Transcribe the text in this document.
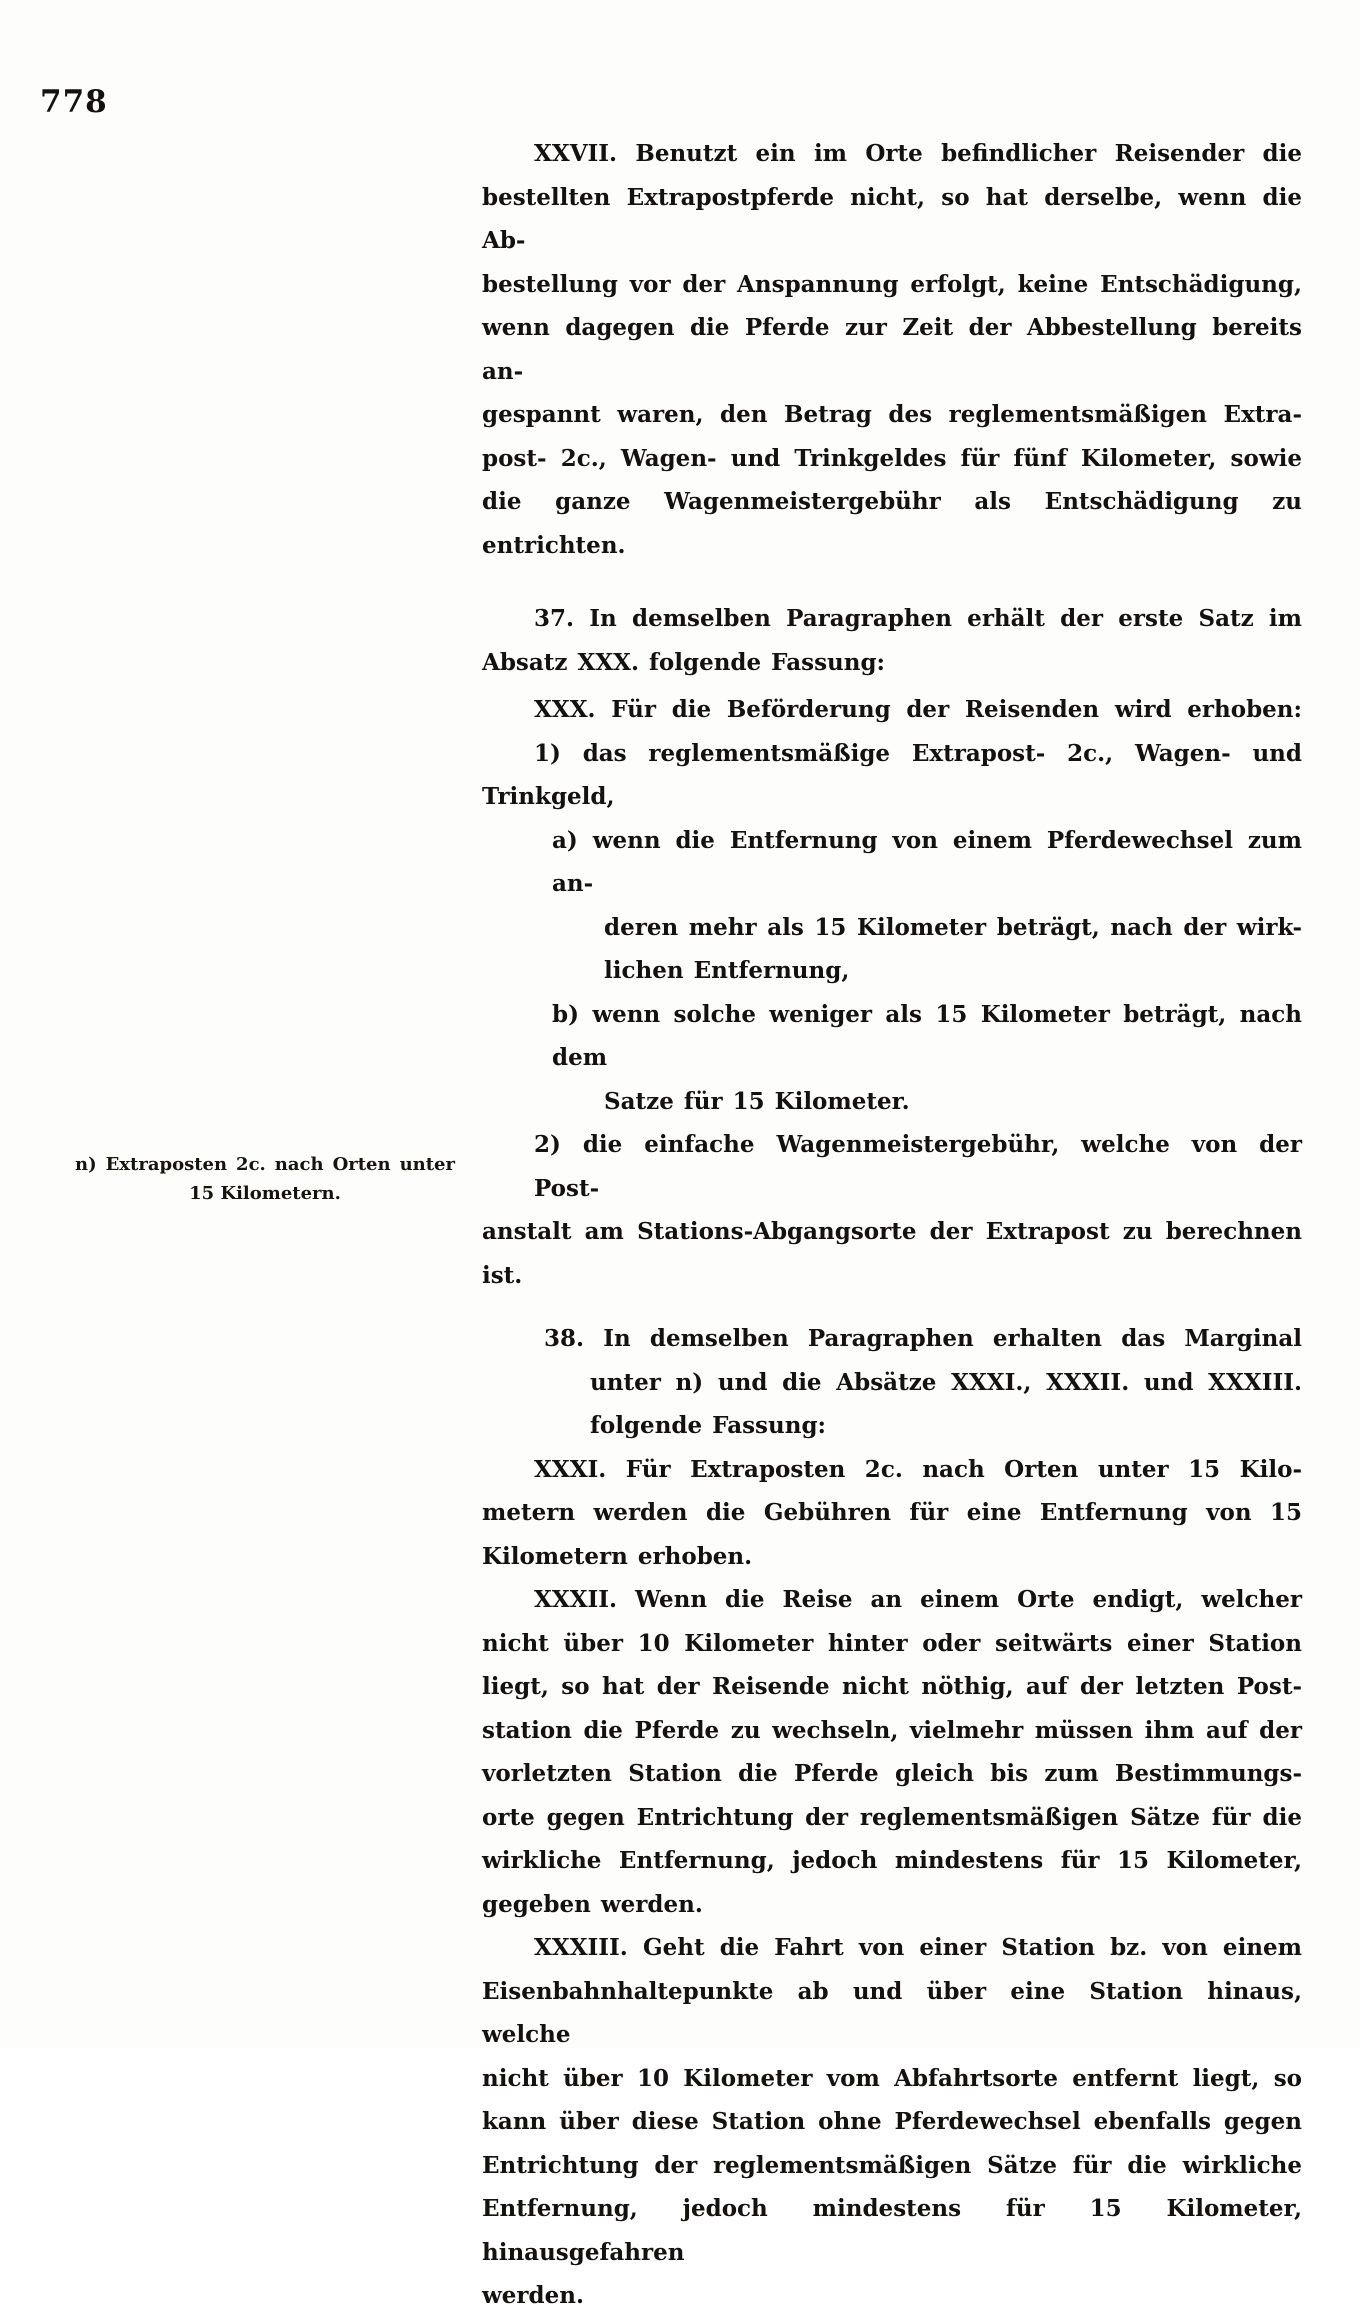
778
n) Extraposten 2c. nach Orten unter
15 Kilometern.
XXVII. Benutzt ein im Orte befindlicher Reisender die
bestellten Extrapostpferde nicht, so hat derselbe, wenn die Ab-
bestellung vor der Anspannung erfolgt, keine Entschädigung,
wenn dagegen die Pferde zur Zeit der Abbestellung bereits an-
gespannt waren, den Betrag des reglementsmäßigen Extra-
post- 2c., Wagen- und Trinkgeldes für fünf Kilometer, sowie
die ganze Wagenmeistergebühr als Entschädigung zu entrichten.
37. In demselben Paragraphen erhält der erste Satz im
Absatz XXX. folgende Fassung:
XXX. Für die Beförderung der Reisenden wird erhoben:
1) das reglementsmäßige Extrapost- 2c., Wagen- und
Trinkgeld,
a) wenn die Entfernung von einem Pferdewechsel zum an-
deren mehr als 15 Kilometer beträgt, nach der wirk-
lichen Entfernung,
b) wenn solche weniger als 15 Kilometer beträgt, nach dem
Satze für 15 Kilometer.
2) die einfache Wagenmeistergebühr, welche von der Post-
anstalt am Stations-Abgangsorte der Extrapost zu berechnen ist.
38. In demselben Paragraphen erhalten das Marginal
unter n) und die Absätze XXXI., XXXII. und XXXIII.
folgende Fassung:
XXXI. Für Extraposten 2c. nach Orten unter 15 Kilo-
metern werden die Gebühren für eine Entfernung von 15
Kilometern erhoben.
XXXII. Wenn die Reise an einem Orte endigt, welcher
nicht über 10 Kilometer hinter oder seitwärts einer Station
liegt, so hat der Reisende nicht nöthig, auf der letzten Post-
station die Pferde zu wechseln, vielmehr müssen ihm auf der
vorletzten Station die Pferde gleich bis zum Bestimmungs-
orte gegen Entrichtung der reglementsmäßigen Sätze für die
wirkliche Entfernung, jedoch mindestens für 15 Kilometer,
gegeben werden.
XXXIII. Geht die Fahrt von einer Station bz. von einem
Eisenbahnhaltepunkte ab und über eine Station hinaus, welche
nicht über 10 Kilometer vom Abfahrtsorte entfernt liegt, so
kann über diese Station ohne Pferdewechsel ebenfalls gegen
Entrichtung der reglementsmäßigen Sätze für die wirkliche
Entfernung, jedoch mindestens für 15 Kilometer, hinausgefahren
werden.
